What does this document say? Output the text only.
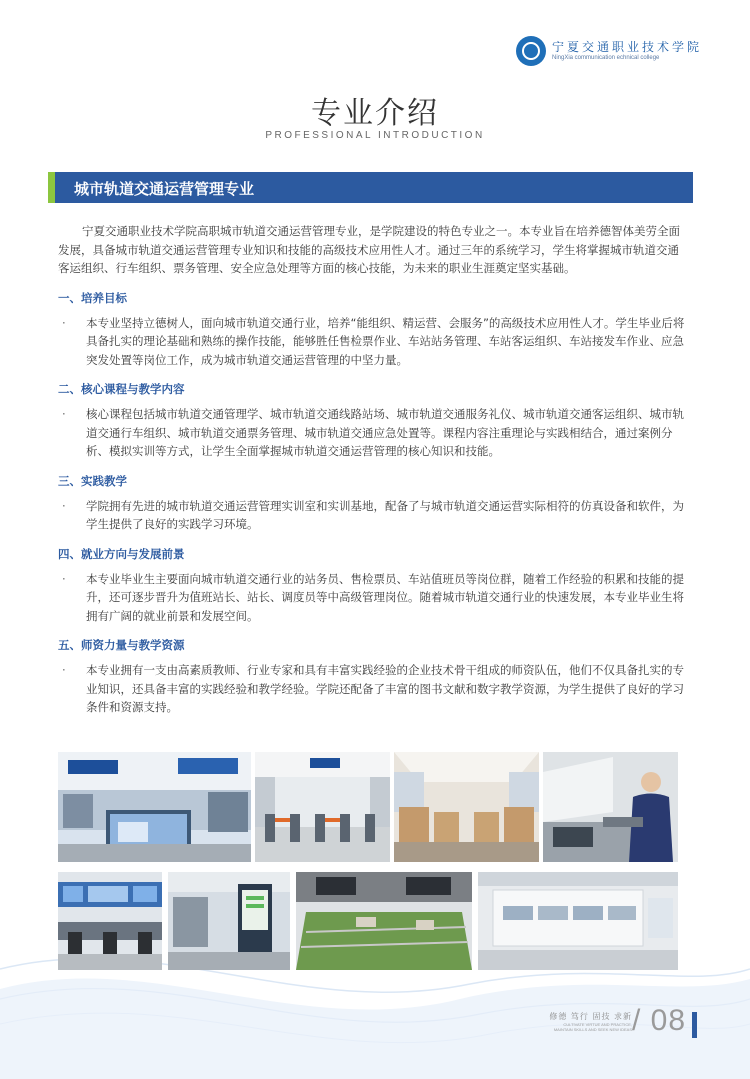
宁夏交通职业技术学院
NingXia communication echnical college
专业介绍
PROFESSIONAL INTRODUCTION
城市轨道交通运营管理专业

宁夏交通职业技术学院高职城市轨道交通运营管理专业，是学院建设的特色专业之一。本专业旨在培养德智体美劳全面发展，具备城市轨道交通运营管理专业知识和技能的高级技术应用性人才。通过三年的系统学习，学生将掌握城市轨道交通客运组织、行车组织、票务管理、安全应急处理等方面的核心技能，为未来的职业生涯奠定坚实基础。

一、培养目标
·	本专业坚持立德树人，面向城市轨道交通行业，培养“能组织、精运营、会服务”的高级技术应用性人才。学生毕业后将具备扎实的理论基础和熟练的操作技能，能够胜任售检票作业、车站站务管理、车站客运组织、车站接发车作业、应急突发处置等岗位工作，成为城市轨道交通运营管理的中坚力量。
二、核心课程与教学内容
·	核心课程包括城市轨道交通管理学、城市轨道交通线路站场、城市轨道交通服务礼仪、城市轨道交通客运组织、城市轨道交通行车组织、城市轨道交通票务管理、城市轨道交通应急处置等。课程内容注重理论与实践相结合，通过案例分析、模拟实训等方式，让学生全面掌握城市轨道交通运营管理的核心知识和技能。
三、实践教学
·	学院拥有先进的城市轨道交通运营管理实训室和实训基地，配备了与城市轨道交通运营实际相符的仿真设备和软件，为学生提供了良好的实践学习环境。
四、就业方向与发展前景
·	本专业毕业生主要面向城市轨道交通行业的站务员、售检票员、车站值班员等岗位群，随着工作经验的积累和技能的提升，还可逐步晋升为值班站长、站长、调度员等中高级管理岗位。随着城市轨道交通行业的快速发展，本专业毕业生将拥有广阔的就业前景和发展空间。
五、师资力量与教学资源
·	本专业拥有一支由高素质教师、行业专家和具有丰富实践经验的企业技术骨干组成的师资队伍，他们不仅具备扎实的专业知识，还具备丰富的实践经验和教学经验。学院还配备了丰富的图书文献和数字教学资源，为学生提供了良好的学习条件和资源支持。
修德 笃行 固技 求新
CULTIVATE VIRTUE AND PRACTICE,
MAINTAIN SKILLS AND SEEK NEW IDEAS / 08
